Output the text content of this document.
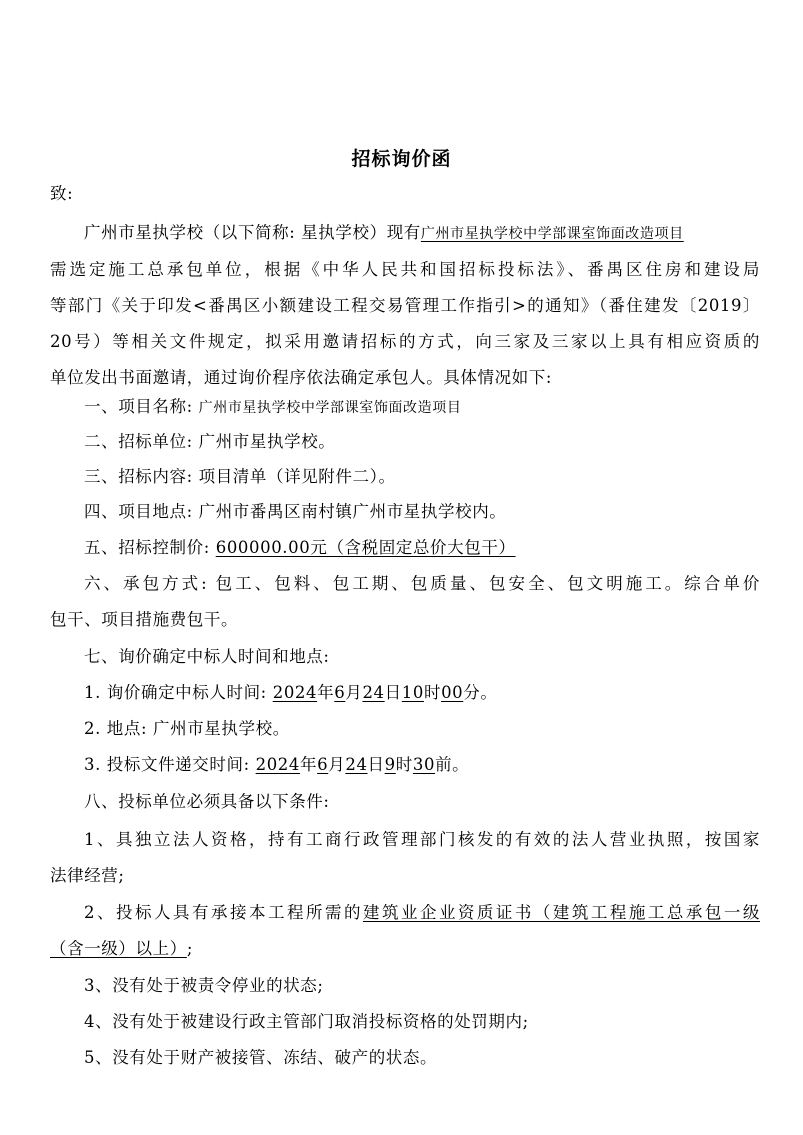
招标询价函
致:
广州市星执学校（以下简称: 星执学校）现有广州市星执学校中学部课室饰面改造项目
需选定施工总承包单位，根据《中华人民共和国招标投标法》、番禺区住房和建设局
等部门《关于印发<番禺区小额建设工程交易管理工作指引>的通知》（番住建发〔2019〕
20号）等相关文件规定，拟采用邀请招标的方式，向三家及三家以上具有相应资质的
单位发出书面邀请，通过询价程序依法确定承包人。具体情况如下:
一、项目名称: 广州市星执学校中学部课室饰面改造项目
二、招标单位: 广州市星执学校。
三、招标内容: 项目清单（详见附件二）。
四、项目地点: 广州市番禺区南村镇广州市星执学校内。
五、招标控制价: 600000.00元（含税固定总价大包干）
六、承包方式: 包工、包料、包工期、包质量、包安全、包文明施工。综合单价
包干、项目措施费包干。
七、询价确定中标人时间和地点:
1. 询价确定中标人时间: 2024年6月24日10时00分。
2. 地点: 广州市星执学校。
3. 投标文件递交时间: 2024年6月24日9时30前。
八、投标单位必须具备以下条件:
1、具独立法人资格，持有工商行政管理部门核发的有效的法人营业执照，按国家
法律经营;
2、投标人具有承接本工程所需的建筑业企业资质证书（建筑工程施工总承包一级
（含一级）以上）;
3、没有处于被责令停业的状态;
4、没有处于被建设行政主管部门取消投标资格的处罚期内;
5、没有处于财产被接管、冻结、破产的状态。
